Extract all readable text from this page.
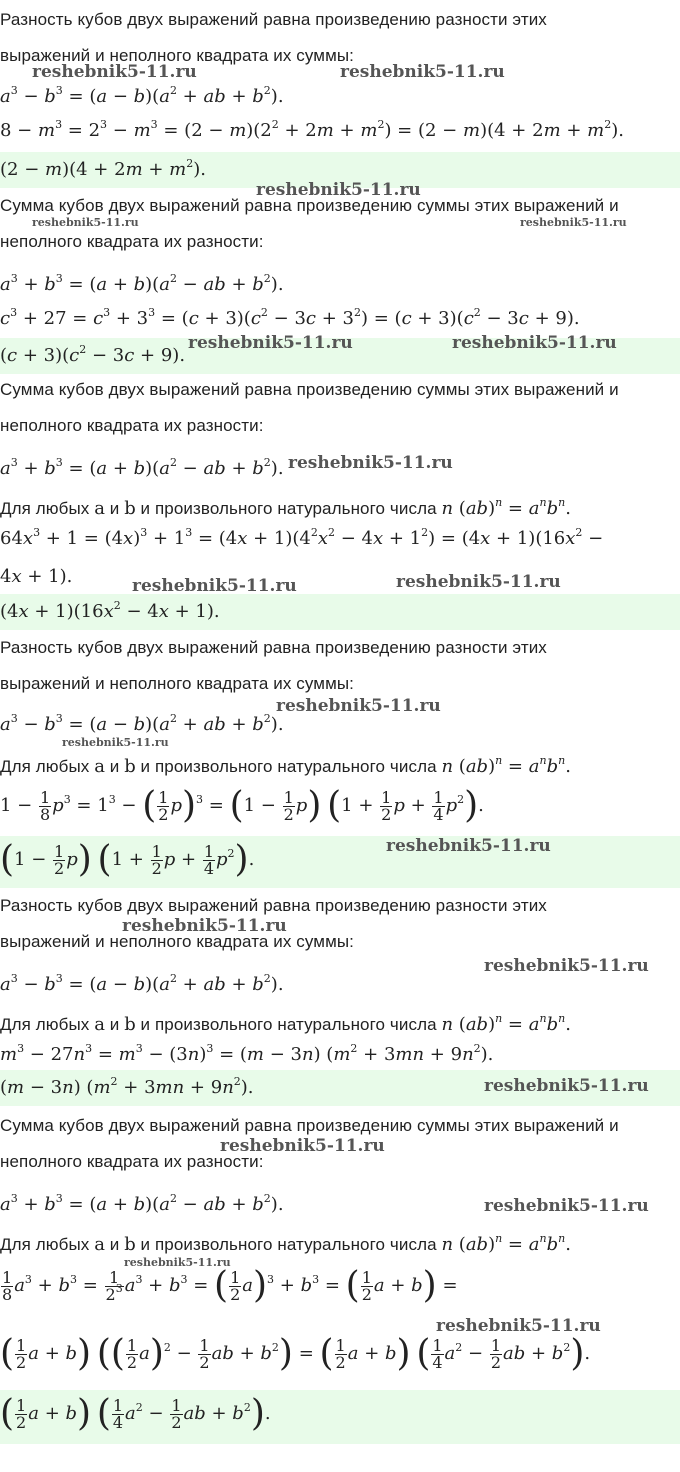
Разность кубов двух выражений равна произведению разности этих
выражений и неполного квадрата их суммы:
$a^3 - b^3 = (a - b)(a^2$ + ab + $b^2$).
$8 - m^3 = 2^3 - m^3 = (2 - m)(2^2 + 2m + m^2) = (2 - m)(4 + 2m + m^2)$.
$(2 - m)(4 + 2m + m^2)$.
Сумма кубов двух выражений равна произведению суммы этих выражений и
неполного квадрата их разности:
$a^3 + b^3 = (a + b)(a^2$ − ab + $b^2$).
$c^3 + 27 = c^3 + 3^3 = (c + 3)(c^2 - 3c + 3^2) = (c + 3)(c^2 - 3c + 9)$.
$(c + 3)(c^2 - 3c + 9)$.
Сумма кубов двух выражений равна произведению суммы этих выражений и
неполного квадрата их разности:
$a^3 + b^3 = (a + b)(a^2$ − ab + $b^2$).
Для любых a и b и произвольного натурального числа n $(ab)^n = a^nb^n$.
$64x^3 + 1 = (4x)^3 + 1^3 = (4x + 1)(4^2x^2 - 4x + 1^2) = (4x + 1)(16x^2$ −
4x + 1).
$(4x + 1)(16x^2 - 4x + 1)$.
Разность кубов двух выражений равна произведению разности этих
выражений и неполного квадрата их суммы:
$a^3 - b^3 = (a - b)(a^2$ + ab + $b^2$).
Для любых a и b и произвольного натурального числа n $(ab)^n = a^nb^n$.
$1 - \frac{1}{8} p^3 = 1^3$ − ( $\frac{1}{2} p)^3 = (1 - \frac{1}{2} p)$ ($1 + \frac{1}{2}$ $p + \frac{1}{4} p^2$).
$(1 - \frac{1}{2} p)$ ($1 + \frac{1}{2}$ $p + \frac{1}{4} p^2$).
Разность кубов двух выражений равна произведению разности этих
выражений и неполного квадрата их суммы:
$a^3 - b^3 = (a - b)(a^2$ + ab + $b^2$).
Для любых a и b и произвольного натурального числа n $(ab)^n = a^nb^n$.
$m^3 - 27n^3 = m^3 - (3n)^3 = (m - 3n) (m^2 + 3mn + 9n^2)$.
(m − 3n) $(m^2 + 3mn + 9n^2)$.
Сумма кубов двух выражений равна произведению суммы этих выражений и
неполного квадрата их разности:
$a^3 + b^3 = (a + b)(a^2$ − ab + $b^2$).
Для любых a и b и произвольного натурального числа n $(ab)^n = a^nb^n$.
$\frac{1}{8} a^3 + b^3 = \frac{1}{2^3} a^3 + b^3$ = ( $\frac{1}{2} a)^3 + b^3$ = ( $\frac{1}{2}$ a + b) =
( $\frac{1}{2}$ a + b) (( $\frac{1}{2} a)^2 - \frac{1}{2}$ ab + $b^2$) = ( $\frac{1}{2}$ a + b) ( $\frac{1}{4} a^2 - \frac{1}{2}$ ab + $b^2$).
( $\frac{1}{2}$ a + b) ( $\frac{1}{4} a^2 - \frac{1}{2}$ ab + $b^2$).
reshebnik5-11.ru	reshebnik5-11.ru
reshebnik5-11.ru
reshebnik5-11.ru	reshebnik5-11.ru
reshebnik5-11.ru	reshebnik5-11.ru
reshebnik5-11.ru
reshebnik5-11.ru	reshebnik5-11.ru
reshebnik5-11.ru
reshebnik5-11.ru
reshebnik5-11.ru
reshebnik5-11.ru
reshebnik5-11.ru
reshebnik5-11.ru
reshebnik5-11.ru
reshebnik5-11.ru
reshebnik5-11.ru
reshebnik5-11.ru
